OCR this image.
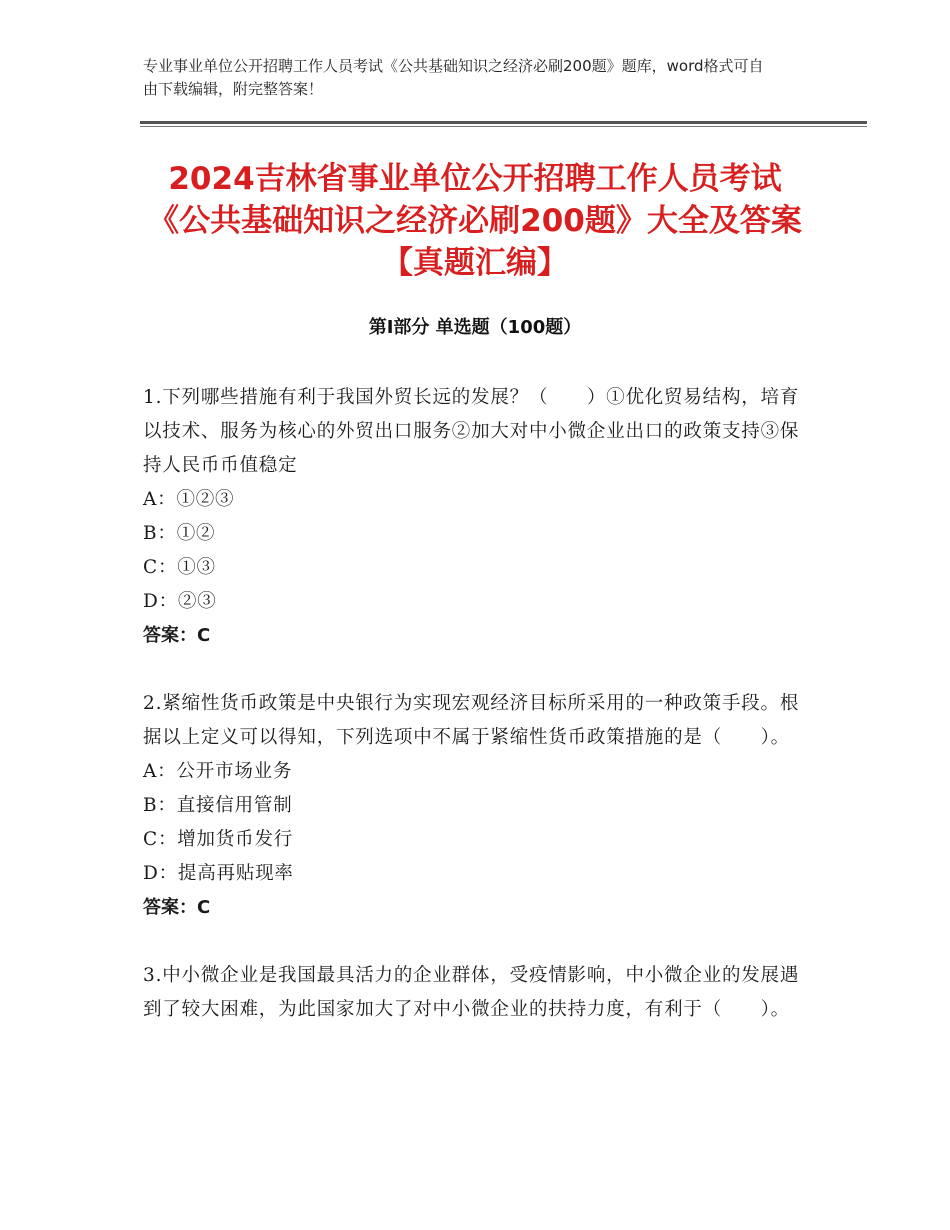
专业事业单位公开招聘工作人员考试《公共基础知识之经济必刷200题》题库，word格式可自由下载编辑，附完整答案！
2024吉林省事业单位公开招聘工作人员考试《公共基础知识之经济必刷200题》大全及答案【真题汇编】
第Ⅰ部分 单选题（100题）

1.下列哪些措施有利于我国外贸长远的发展？（　　）①优化贸易结构，培育以技术、服务为核心的外贸出口服务②加大对中小微企业出口的政策支持③保持人民币币值稳定

A：①②③

B：①②

C：①③

D：②③

答案：C

2.紧缩性货币政策是中央银行为实现宏观经济目标所采用的一种政策手段。根据以上定义可以得知，下列选项中不属于紧缩性货币政策措施的是（　　）。

A：公开市场业务

B：直接信用管制

C：增加货币发行

D：提高再贴现率

答案：C

3.中小微企业是我国最具活力的企业群体，受疫情影响，中小微企业的发展遇到了较大困难，为此国家加大了对中小微企业的扶持力度，有利于（　　）。
